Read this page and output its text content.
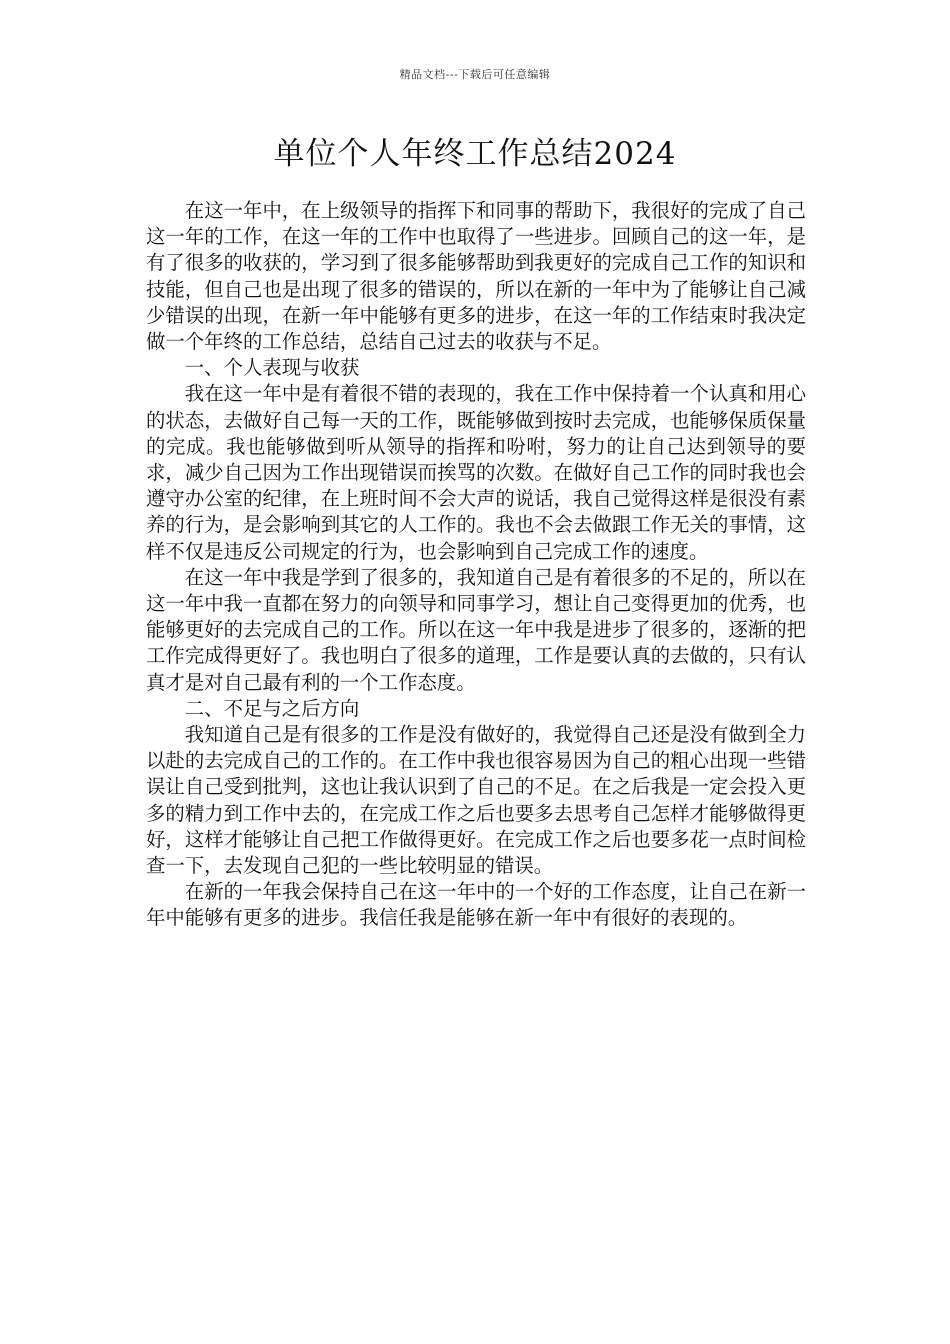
精品文档---下载后可任意编辑
单位个人年终工作总结2024

在这一年中，在上级领导的指挥下和同事的帮助下，我很好的完成了自己这一年的工作，在这一年的工作中也取得了一些进步。回顾自己的这一年，是有了很多的收获的，学习到了很多能够帮助到我更好的完成自己工作的知识和技能，但自己也是出现了很多的错误的，所以在新的一年中为了能够让自己减少错误的出现，在新一年中能够有更多的进步，在这一年的工作结束时我决定做一个年终的工作总结，总结自己过去的收获与不足。

一、个人表现与收获

我在这一年中是有着很不错的表现的，我在工作中保持着一个认真和用心的状态，去做好自己每一天的工作，既能够做到按时去完成，也能够保质保量的完成。我也能够做到听从领导的指挥和吩咐，努力的让自己达到领导的要求，减少自己因为工作出现错误而挨骂的次数。在做好自己工作的同时我也会遵守办公室的纪律，在上班时间不会大声的说话，我自己觉得这样是很没有素养的行为，是会影响到其它的人工作的。我也不会去做跟工作无关的事情，这样不仅是违反公司规定的行为，也会影响到自己完成工作的速度。

在这一年中我是学到了很多的，我知道自己是有着很多的不足的，所以在这一年中我一直都在努力的向领导和同事学习，想让自己变得更加的优秀，也能够更好的去完成自己的工作。所以在这一年中我是进步了很多的，逐渐的把工作完成得更好了。我也明白了很多的道理，工作是要认真的去做的，只有认真才是对自己最有利的一个工作态度。

二、不足与之后方向

我知道自己是有很多的工作是没有做好的，我觉得自己还是没有做到全力以赴的去完成自己的工作的。在工作中我也很容易因为自己的粗心出现一些错误让自己受到批判，这也让我认识到了自己的不足。在之后我是一定会投入更多的精力到工作中去的，在完成工作之后也要多去思考自己怎样才能够做得更好，这样才能够让自己把工作做得更好。在完成工作之后也要多花一点时间检查一下，去发现自己犯的一些比较明显的错误。

在新的一年我会保持自己在这一年中的一个好的工作态度，让自己在新一年中能够有更多的进步。我信任我是能够在新一年中有很好的表现的。
